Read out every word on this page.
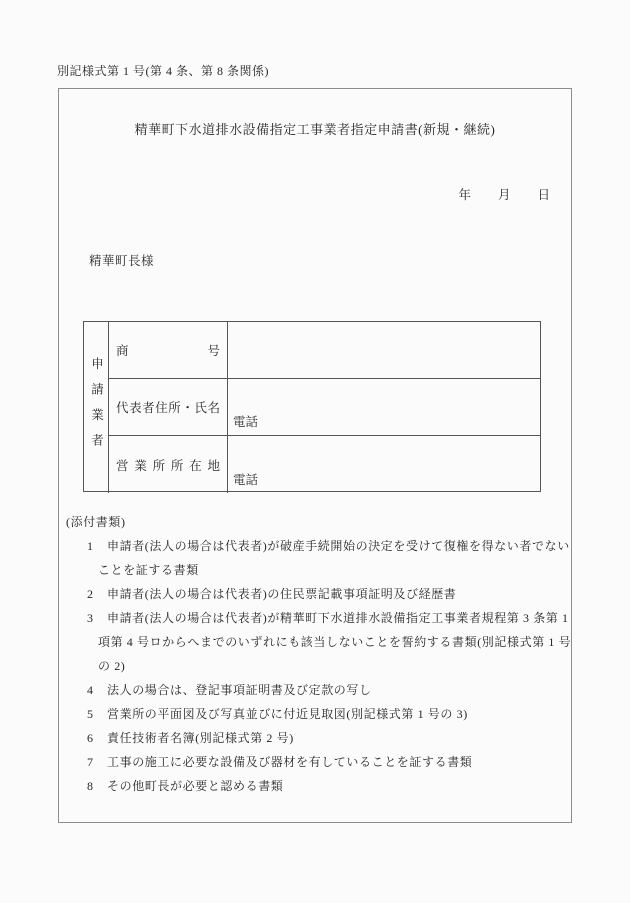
別記様式第 1 号(第 4 条、第 8 条関係)
精華町下水道排水設備指定工事業者指定申請書(新規・継続)
年 月 日
精華町長様
申請業者
商号
代表者住所・氏名
電話
営業所所在地
電話
(添付書類)
1 申請者(法人の場合は代表者)が破産手続開始の決定を受けて復権を得ない者でない
ことを証する書類
2 申請者(法人の場合は代表者)の住民票記載事項証明及び経歴書
3 申請者(法人の場合は代表者)が精華町下水道排水設備指定工事業者規程第 3 条第 1
項第 4 号ロからへまでのいずれにも該当しないことを誓約する書類(別記様式第 1 号
の 2)
4 法人の場合は、登記事項証明書及び定款の写し
5 営業所の平面図及び写真並びに付近見取図(別記様式第 1 号の 3)
6 責任技術者名簿(別記様式第 2 号)
7 工事の施工に必要な設備及び器材を有していることを証する書類
8 その他町長が必要と認める書類
